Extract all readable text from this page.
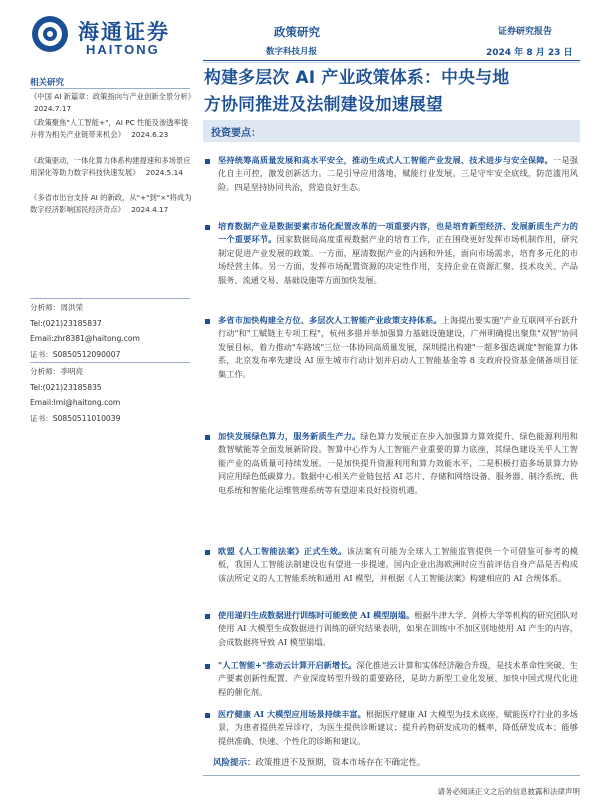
海通证券
HAITONG
政策研究
数字科技月报
证券研究报告
2024 年 8 月 23 日
相关研究
《中国 AI 新篇章：政策指向与产业创新全景分析》 2024.7.17
《政策聚焦"人工智能+"，AI PC 性能及渗透率提升将为相关产业链带来机会》 2024.6.23
《政策驱动，一体化算力体系构建提速和多场景应用深化等助力数字科技快速发展》 2024.5.14
《多省市出台支持 AI 的新政，从"+"到"×"将成为数字经济影响国民经济奇点》 2024.4.17
分析师：周洪荣
Tel:(021)23185837
Email:zhr8381@haitong.com
证书：S0850512090007
分析师：李明亮
Tel:(021)23185835
Email:lml@haitong.com
证书：S0850511010039
构建多层次 AI 产业政策体系：中央与地
方协同推进及法制建设加速展望
投资要点：
坚持统筹高质量发展和高水平安全，推动生成式人工智能产业发展、技术进步与安全保障。一是强化自主可控，激发创新活力。二是引导应用落地，赋能行业发展。三是守牢安全底线，防范滥用风险。四是坚持协同共治，营造良好生态。
培育数据产业是数据要素市场化配置改革的一项重要内容，也是培育新型经济、发展新质生产力的一个重要环节。国家数据局高度重视数据产业的培育工作，正在围绕更好发挥市场机制作用，研究制定促进产业发展的政策。一方面，厘清数据产业的内涵和外延，面向市场需求，培育多元化的市场经营主体。另一方面，发挥市场配置资源的决定性作用，支持企业在资源汇聚、技术攻关、产品服务、流通交易、基础设施等方面加快发展。
多省市加快构建全方位、多层次人工智能产业政策支持体系。上海提出要实施"产业互联网平台跃升行动"和"工赋链主专项工程"，杭州多措并举加强算力基础设施建设，广州明确提出聚焦"双智"协同发展目标，着力推动"车路域"三位一体协同高质量发展，深圳提出构建"一超多强迭调度"智能算力体系，北京发布率先建设 AI 原生城市行动计划并启动人工智能基金等 8 支政府投资基金储备项目征集工作。
加快发展绿色算力，服务新质生产力。绿色算力发展正在步入加强算力算效提升、绿色能源利用和数智赋能等全面发展新阶段。智算中心作为人工智能产业重要的算力底座，其绿色建设关乎人工智能产业的高质量可持续发展。一是加快提升资源利用和算力效能水平，二是积极打造多场景算力协同应用绿色低碳算力。数据中心相关产业链包括 AI 芯片、存储和网络设备、服务器、制冷系统、供电系统和智能化运维管理系统等有望迎来良好投资机遇。
欧盟《人工智能法案》正式生效。该法案有可能为全球人工智能监管提供一个可借鉴可参考的模板，我国人工智能法制建设也有望进一步提速。国内企业出海欧洲时应当前评估自身产品是否构成该法所定义的人工智能系统和通用 AI 模型，并根据《人工智能法案》构建相应的 AI 合规体系。
使用递归生成数据进行训练时可能致使 AI 模型崩塌。根据牛津大学、剑桥大学等机构的研究团队对使用 AI 大模型生成数据进行训练的研究结果表明，如果在训练中不加区别地使用 AI 产生的内容，会成数据将导致 AI 模型崩塌。
"人工智能+"推动云计算开启新增长。深化推进云计算和实体经济融合升级，是技术革命性突破、生产要素创新性配置、产业深度转型升级的重要路径，是助力新型工业化发展、加快中国式现代化进程的催化剂。
医疗健康 AI 大模型应用场景持续丰富。根据医疗健康 AI 大模型为技术底座，赋能医疗行业的多场景，为患者提供差异诊疗，为医生提供诊断建议；提升药物研发成功的概率，降低研发成本；能够提供准确、快速、个性化的诊断和建议。
风险提示：政策推进不及预期，资本市场存在不确定性。
请务必阅读正文之后的信息披露和法律声明
